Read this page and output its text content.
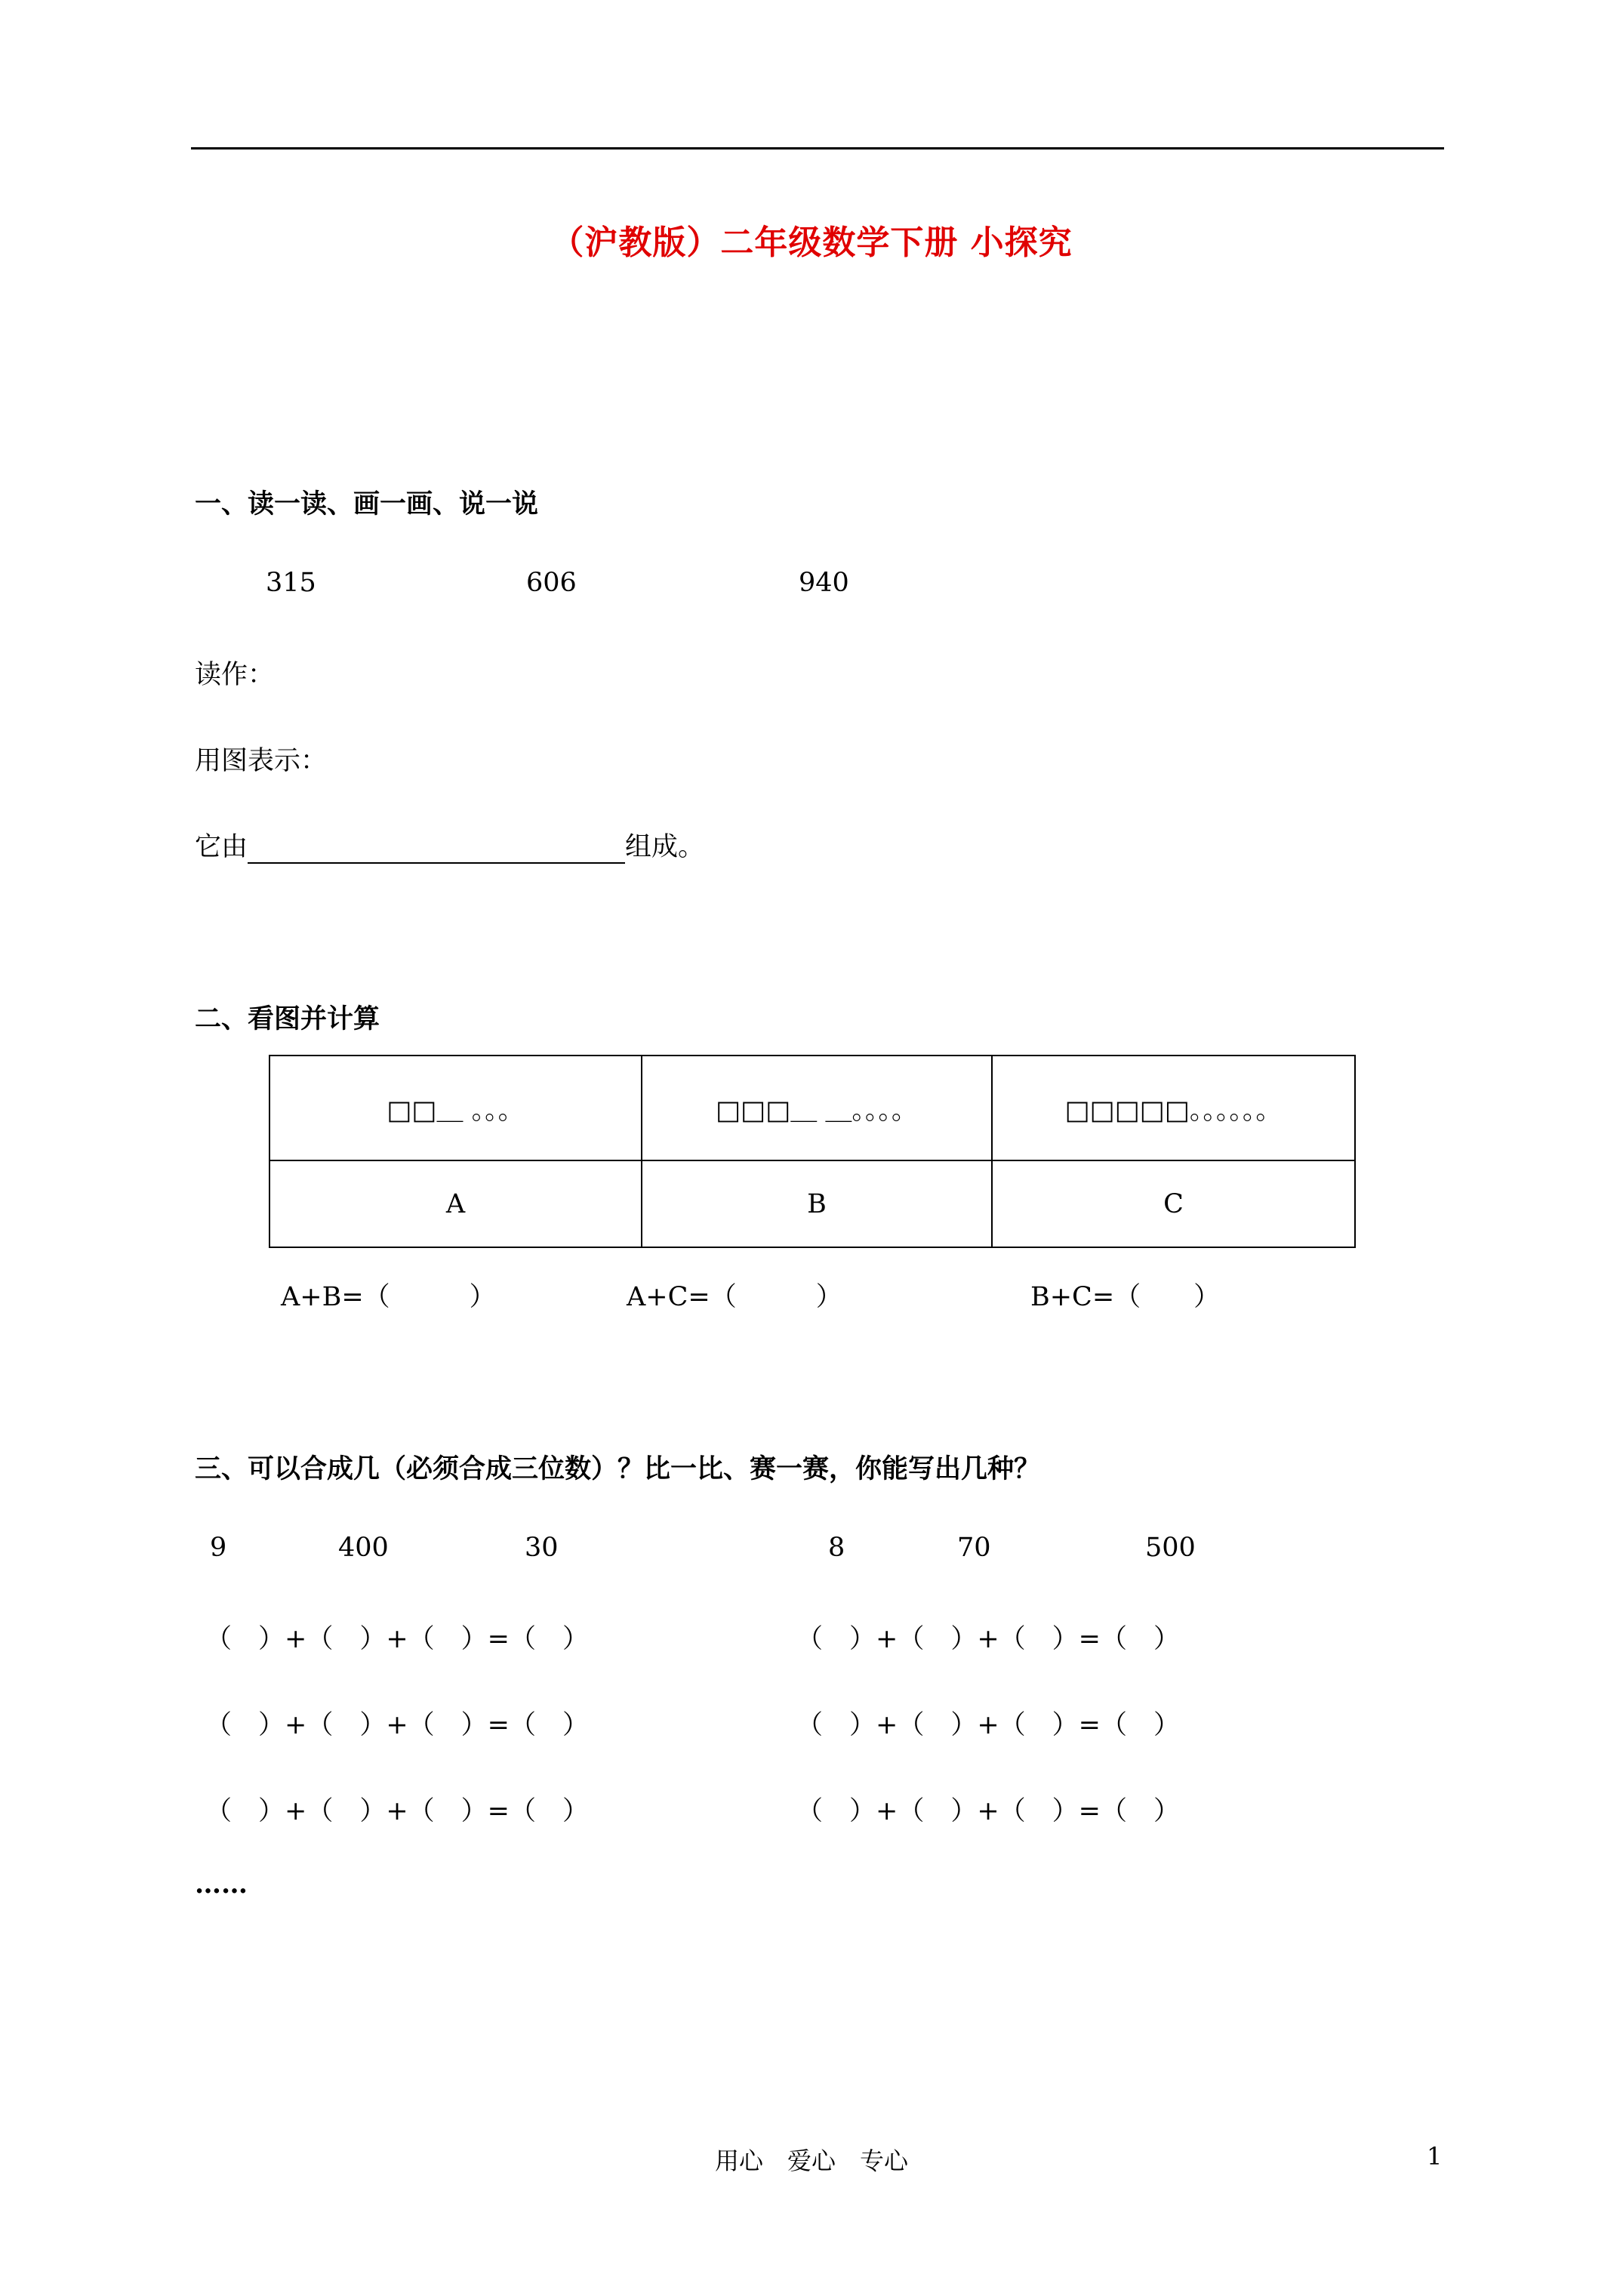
（沪教版）二年级数学下册 小探究
一、读一读、画一画、说一说
315	606	940
读作：
用图表示：
它由	组成。
二、看图并计算
□□＿ 。。。	□□□＿ ＿。。。。	□□□□□。。。。。。
A	B	C
A+B=（　　　）	A+C=（　　　）	B+C=（　　）
三、可以合成几（必须合成三位数）？比一比、赛一赛，你能写出几种？
9	400	30	8	70	500
（　）+（　）+（　）=（　）	（　）+（　）+（　）=（　）
（　）+（　）+（　）=（　）	（　）+（　）+（　）=（　）
（　）+（　）+（　）=（　）	（　）+（　）+（　）=（　）
……
用心　爱心　专心	1
